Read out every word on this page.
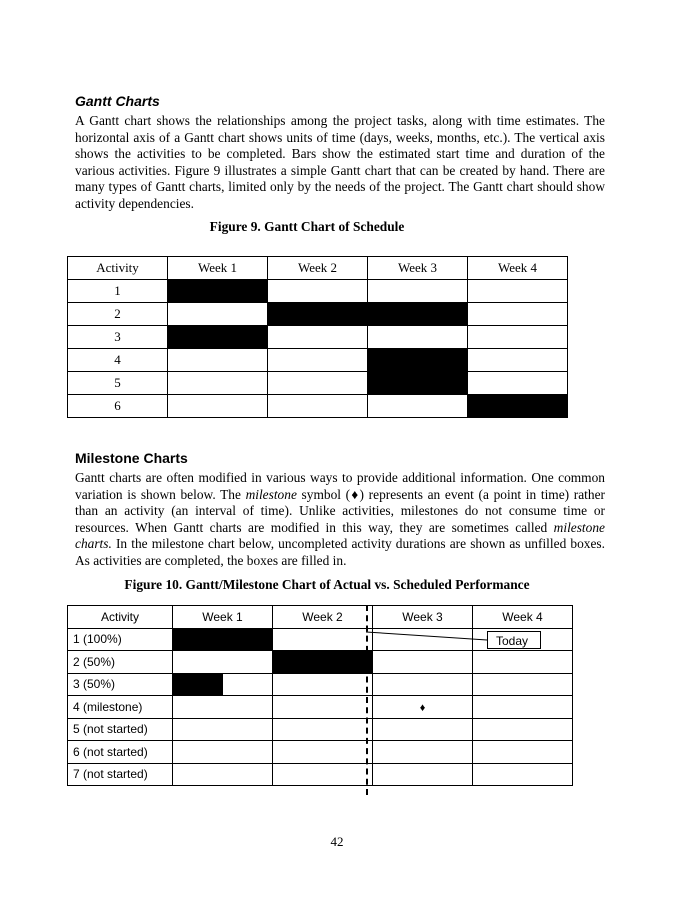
Gantt Charts

A Gantt chart shows the relationships among the project tasks, along with time estimates. The horizontal axis of a Gantt chart shows units of time (days, weeks, months, etc.). The vertical axis shows the activities to be completed. Bars show the estimated start time and duration of the various activities. Figure 9 illustrates a simple Gantt chart that can be created by hand. There are many types of Gantt charts, limited only by the needs of the project. The Gantt chart should show activity dependencies.

Figure 9. Gantt Chart of Schedule

Activity	Week 1	Week 2	Week 3	Week 4
1				
2				
3				
4				
5				
6				
Milestone Charts

Gantt charts are often modified in various ways to provide additional information. One common variation is shown below. The milestone symbol (♦) represents an event (a point in time) rather than an activity (an interval of time). Unlike activities, milestones do not consume time or resources. When Gantt charts are modified in this way, they are sometimes called milestone charts. In the milestone chart below, uncompleted activity durations are shown as unfilled boxes. As activities are completed, the boxes are filled in.

Figure 10. Gantt/Milestone Chart of Actual vs. Scheduled Performance

Activity	Week 1	Week 2	Week 3	Week 4
1 (100%)				
2 (50%)				
3 (50%)	

4 (milestone)			♦	
5 (not started)				
6 (not started)				
7 (not started)				
Today
42
